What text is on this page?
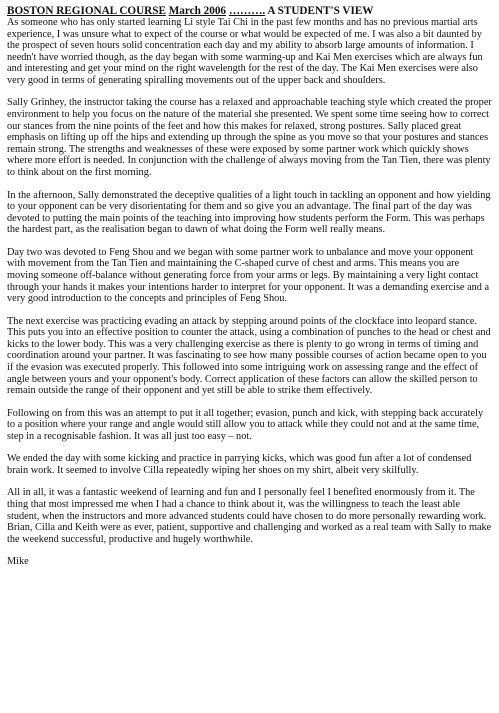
BOSTON REGIONAL COURSE March 2006 ………. A STUDENT'S VIEW

As someone who has only started learning Li style Tai Chi in the past few months and has no previous martial arts experience, I was unsure what to expect of the course or what would be expected of me. I was also a bit daunted by the prospect of seven hours solid concentration each day and my ability to absorb large amounts of information. I needn't have worried though, as the day began with some warming-up and Kai Men exercises which are always fun and interesting and get your mind on the right wavelength for the rest of the day. The Kai Men exercises were also very good in terms of generating spiralling movements out of the upper back and shoulders.

Sally Grinhey, the instructor taking the course has a relaxed and approachable teaching style which created the proper environment to help you focus on the nature of the material she presented. We spent some time seeing how to correct our stances from the nine points of the feet and how this makes for relaxed, strong postures. Sally placed great emphasis on lifting up off the hips and extending up through the spine as you move so that your postures and stances remain strong. The strengths and weaknesses of these were exposed by some partner work which quickly shows where more effort is needed. In conjunction with the challenge of always moving from the Tan Tien, there was plenty to think about on the first morning.

In the afternoon, Sally demonstrated the deceptive qualities of a light touch in tackling an opponent and how yielding to your opponent can be very disorientating for them and so give you an advantage. The final part of the day was devoted to putting the main points of the teaching into improving how students perform the Form. This was perhaps the hardest part, as the realisation began to dawn of what doing the Form well really means.

Day two was devoted to Feng Shou and we began with some partner work to unbalance and move your opponent with movement from the Tan Tien and maintaining the C-shaped curve of chest and arms. This means you are moving someone off-balance without generating force from your arms or legs. By maintaining a very light contact through your hands it makes your intentions harder to interpret for your opponent. It was a demanding exercise and a very good introduction to the concepts and principles of Feng Shou.

The next exercise was practicing evading an attack by stepping around points of the clockface into leopard stance. This puts you into an effective position to counter the attack, using a combination of punches to the head or chest and kicks to the lower body. This was a very challenging exercise as there is plenty to go wrong in terms of timing and coordination around your partner. It was fascinating to see how many possible courses of action became open to you if the evasion was executed properly. This followed into some intriguing work on assessing range and the effect of angle between yours and your opponent's body. Correct application of these factors can allow the skilled person to remain outside the range of their opponent and yet still be able to strike them effectively.

Following on from this was an attempt to put it all together; evasion, punch and kick, with stepping back accurately to a position where your range and angle would still allow you to attack while they could not and at the same time, step in a recognisable fashion. It was all just too easy – not.

We ended the day with some kicking and practice in parrying kicks, which was good fun after a lot of condensed brain work. It seemed to involve Cilla repeatedly wiping her shoes on my shirt, albeit very skilfully.

All in all, it was a fantastic weekend of learning and fun and I personally feel I benefited enormously from it. The thing that most impressed me when I had a chance to think about it, was the willingness to teach the least able student, when the instructors and more advanced students could have chosen to do more personally rewarding work. Brian, Cilla and Keith were as ever, patient, supportive and challenging and worked as a real team with Sally to make the weekend successful, productive and hugely worthwhile.

Mike
